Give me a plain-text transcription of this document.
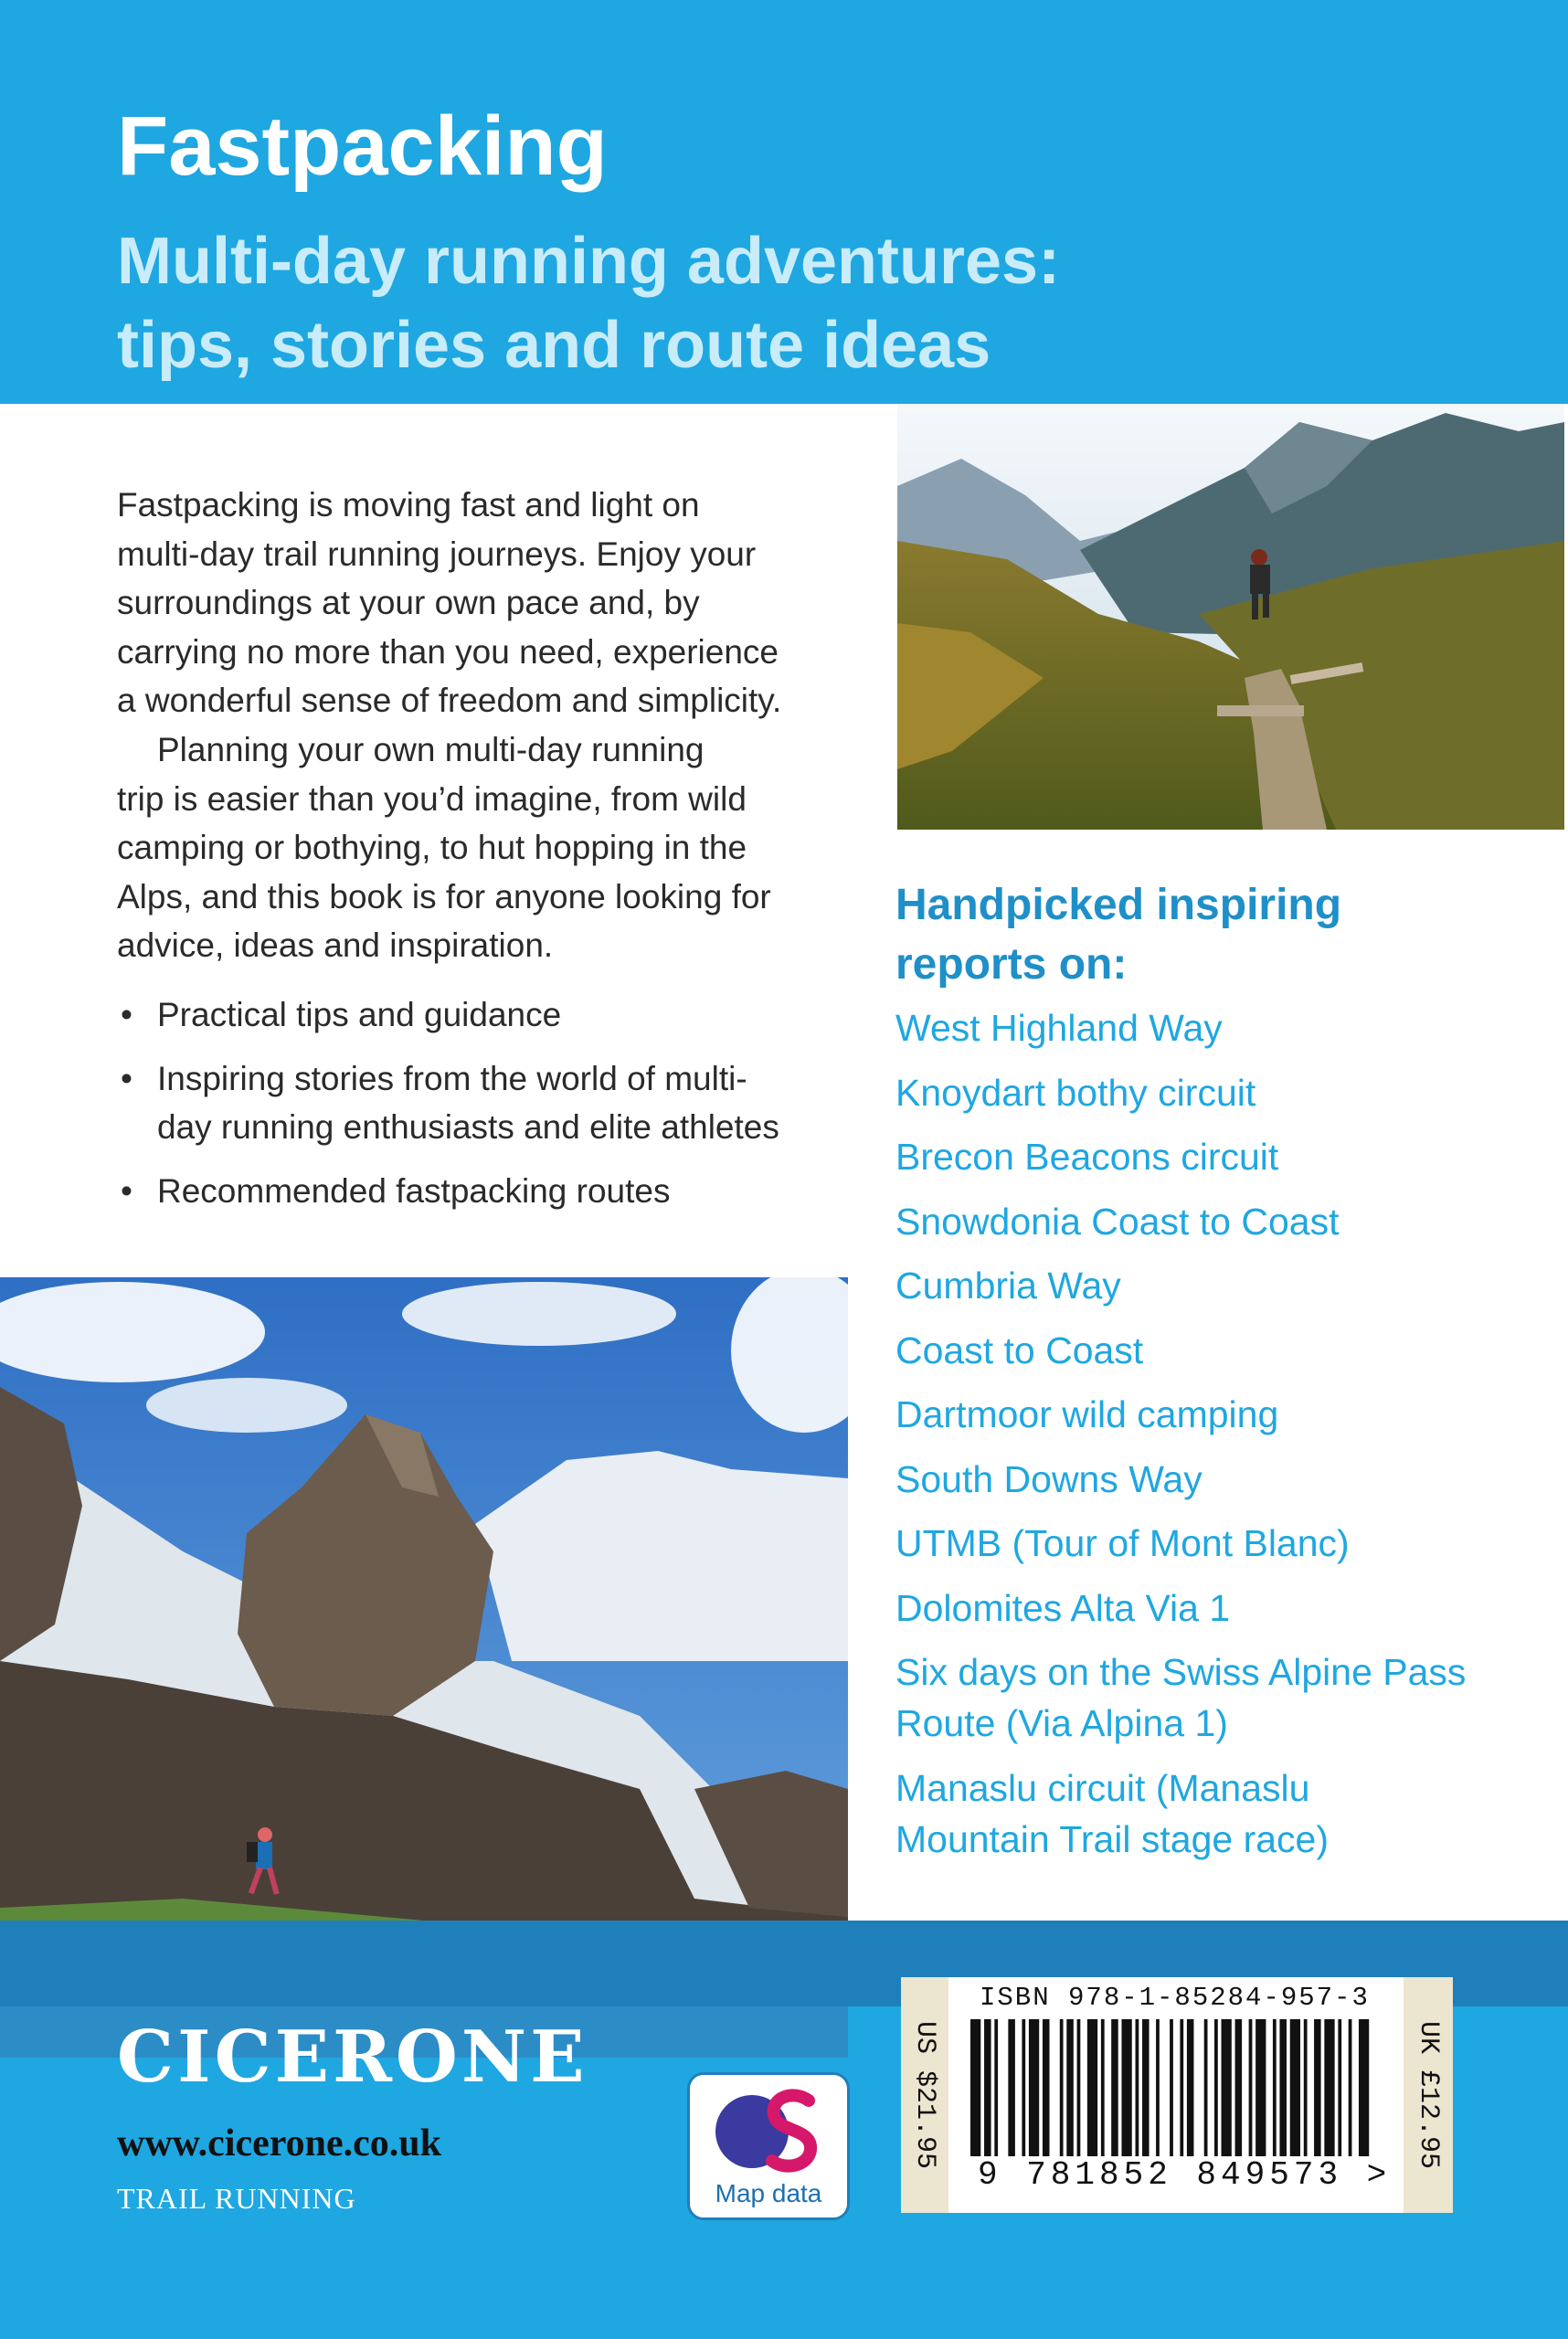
Fastpacking
Multi-day running adventures:
tips, stories and route ideas

Fastpacking is moving fast and light on
multi-day trail running journeys. Enjoy your
surroundings at your own pace and, by
carrying no more than you need, experience
a wonderful sense of freedom and simplicity.

Planning your own multi-day running
trip is easier than you’d imagine, from wild
camping or bothying, to hut hopping in the
Alps, and this book is for anyone looking for
advice, ideas and inspiration.

• Practical tips and guidance
• Inspiring stories from the world of multi-
day running enthusiasts and elite athletes
• Recommended fastpacking routes
Handpicked inspiring
reports on:
West Highland Way
Knoydart bothy circuit
Brecon Beacons circuit
Snowdonia Coast to Coast
Cumbria Way
Coast to Coast
Dartmoor wild camping
South Downs Way
UTMB (Tour of Mont Blanc)
Dolomites Alta Via 1
Six days on the Swiss Alpine Pass
Route (Via Alpina 1)
Manaslu circuit (Manaslu
Mountain Trail stage race)
CICERONE
www.cicerone.co.uk
TRAIL RUNNING	Map data
US $21.95	UK £12.95
ISBN 978-1-85284-957-3
9 781852 849573 >
